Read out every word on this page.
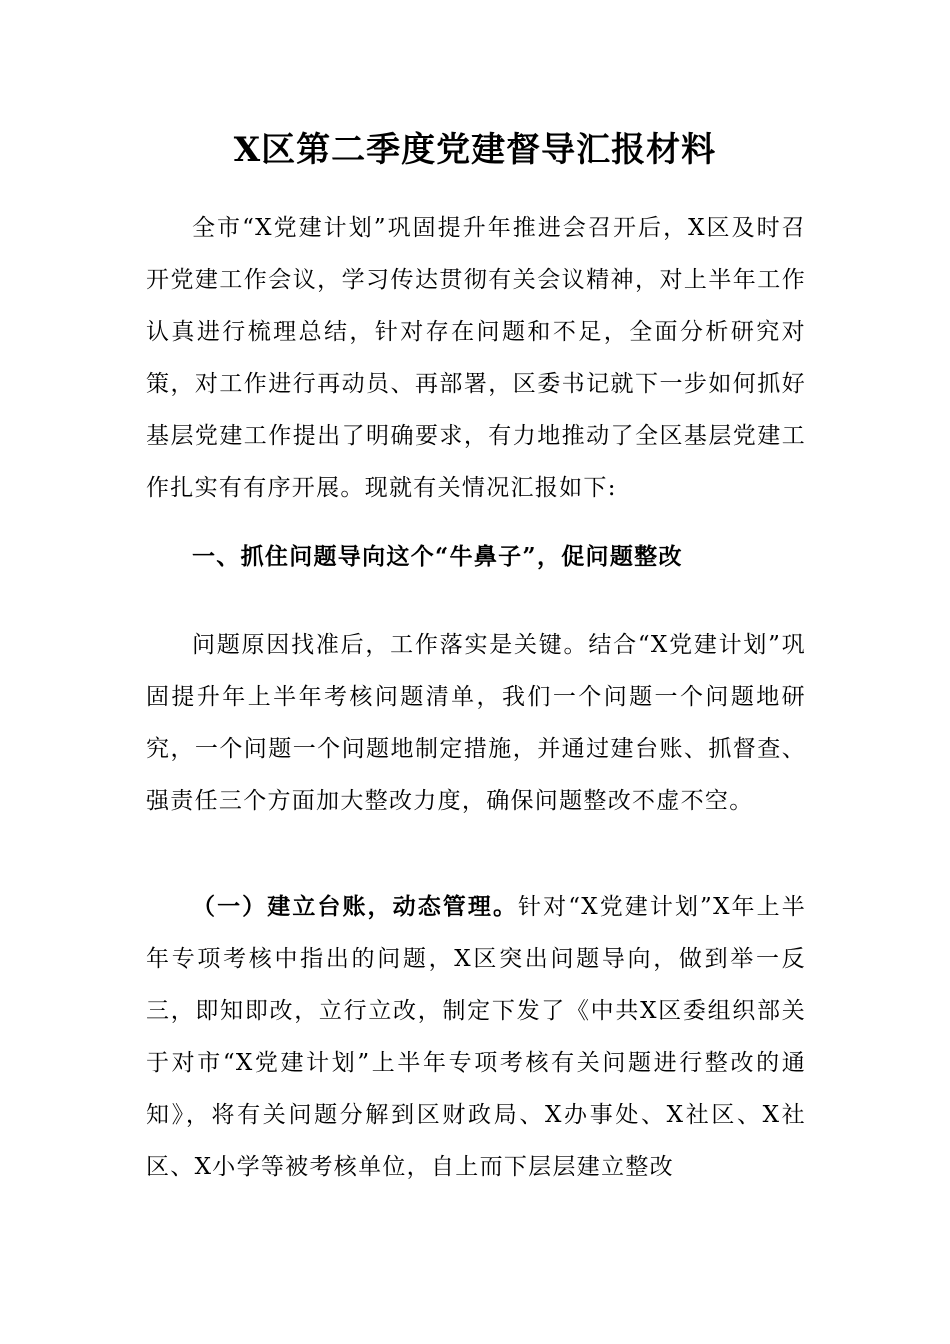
X区第二季度党建督导汇报材料

全市“X党建计划”巩固提升年推进会召开后，X区及时召开党建工作会议，学习传达贯彻有关会议精神，对上半年工作认真进行梳理总结，针对存在问题和不足，全面分析研究对策，对工作进行再动员、再部署，区委书记就下一步如何抓好基层党建工作提出了明确要求，有力地推动了全区基层党建工作扎实有有序开展。现就有关情况汇报如下:

一、抓住问题导向这个“牛鼻子”，促问题整改

问题原因找准后，工作落实是关键。结合“X党建计划”巩固提升年上半年考核问题清单，我们一个问题一个问题地研究，一个问题一个问题地制定措施，并通过建台账、抓督查、强责任三个方面加大整改力度，确保问题整改不虚不空。

（一）建立台账，动态管理。针对“X党建计划”X年上半年专项考核中指出的问题，X区突出问题导向，做到举一反三，即知即改，立行立改，制定下发了《中共X区委组织部关于对市“X党建计划”上半年专项考核有关问题进行整改的通知》，将有关问题分解到区财政局、X办事处、X社区、X社区、X小学等被考核单位，自上而下层层建立整改
